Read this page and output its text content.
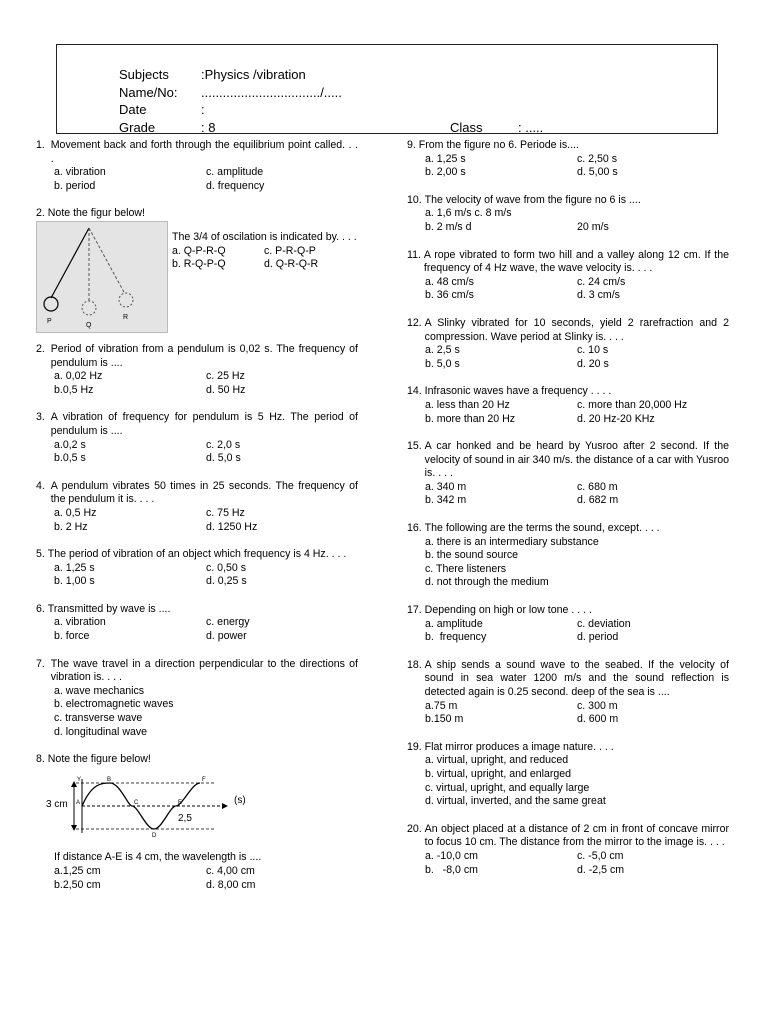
Subjects :Physics /vibration
Name/No: ................................./.....
Date	:
Grade	: 8	Class	: .....
1. Movement back and forth through the equilibrium point called. . . .
a. vibration	c. amplitude
b. period	d. frequency
2. Note the figur below!
P
Q
R
The 3/4 of oscilation is indicated by. . . .
a. Q-P-R-Q	c. P-R-Q-P
b. R-Q-P-Q	d. Q-R-Q-R
2. Period of vibration from a pendulum is 0,02 s. The frequency of pendulum is ....
a. 0,02 Hz	c. 25 Hz
b.0,5 Hz	d. 50 Hz
3. A vibration of frequency for pendulum is 5 Hz. The period of pendulum is ....
a.0,2 s	c. 2,0 s
b.0,5 s	d. 5,0 s
4. A pendulum vibrates 50 times in 25 seconds. The frequency of the pendulum it is. . . .
a. 0,5 Hz	c. 75 Hz
b. 2 Hz	d. 1250 Hz
5. The period of vibration of an object which frequency is 4 Hz. . . .
a. 1,25 s	c. 0,50 s
b. 1,00 s	d. 0,25 s
6. Transmitted by wave is ....
a. vibration	c. energy
b. force	d. power
7. The wave travel in a direction perpendicular to the directions of vibration is. . . .
a. wave mechanics
b. electromagnetic waves
c. transverse wave
d. longitudinal wave
8. Note the figure below!
3 cm
Y
A
B
C
D
E
F
2,5
(s)
If distance A-E is 4 cm, the wavelength is ....
a.1,25 cm	c. 4,00 cm
b.2,50 cm	d. 8,00 cm
9. From the figure no 6. Periode is....
a. 1,25 s	c. 2,50 s
b. 2,00 s	d. 5,00 s
10. The velocity of wave from the figure no 6 is ....
a. 1,6 m/s c. 8 m/s
b. 2 m/s d	20 m/s
11. A rope vibrated to form two hill and a valley along 12 cm. If the frequency of 4 Hz wave, the wave velocity is. . . .
a. 48 cm/s	c. 24 cm/s
b. 36 cm/s	d. 3 cm/s
12. A Slinky vibrated for 10 seconds, yield 2 rarefraction and 2 compression. Wave period at Slinky is. . . .
a. 2,5 s	c. 10 s
b. 5,0 s	d. 20 s
14. Infrasonic waves have a frequency . . . .
a. less than 20 Hz	c. more than 20,000 Hz
b. more than 20 Hz	d. 20 Hz-20 KHz
15. A car honked and be heard by Yusroo after 2 second. If the velocity of sound in air 340 m/s. the distance of a car with Yusroo is. . . .
a. 340 m	c. 680 m
b. 342 m	d. 682 m
16. The following are the terms the sound, except. . . .
a. there is an intermediary substance
b. the sound source
c. There listeners
d. not through the medium
17. Depending on high or low tone . . . .
a. amplitude	c. deviation
b.  frequency	d. period
18. A ship sends a sound wave to the seabed. If the velocity of sound in sea water 1200 m/s and the sound reflection is detected again is 0.25 second. deep of the sea is ....
a.75 m	c. 300 m
b.150 m	d. 600 m
19. Flat mirror produces a image nature. . . .
a. virtual, upright, and reduced
b. virtual, upright, and enlarged
c. virtual, upright, and equally large
d. virtual, inverted, and the same great
20. An object placed at a distance of 2 cm in front of concave mirror to focus 10 cm. The distance from the mirror to the image is. . . .
a. -10,0 cm	c. -5,0 cm
b.   -8,0 cm	d. -2,5 cm
